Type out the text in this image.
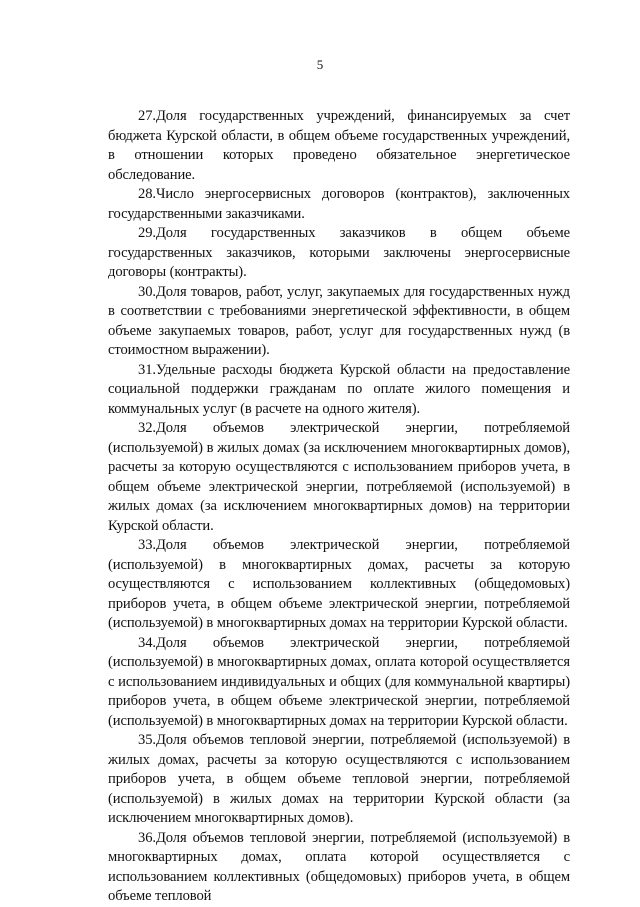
5

27.Доля государственных учреждений, финансируемых за счет бюджета Курской области, в общем объеме государственных учреждений, в отношении которых проведено обязательное энергетическое обследование.

28.Число энергосервисных договоров (контрактов), заключенных государственными заказчиками.

29.Доля государственных заказчиков в общем объеме государственных заказчиков, которыми заключены энергосервисные договоры (контракты).

30.Доля товаров, работ, услуг, закупаемых для государственных нужд в соответствии с требованиями энергетической эффективности, в общем объеме закупаемых товаров, работ, услуг для государственных нужд (в стоимостном выражении).

31.Удельные расходы бюджета Курской области на предоставление социальной поддержки гражданам по оплате жилого помещения и коммунальных услуг (в расчете на одного жителя).

32.Доля объемов электрической энергии, потребляемой (используемой) в жилых домах (за исключением многоквартирных домов), расчеты за которую осуществляются с использованием приборов учета, в общем объеме электрической энергии, потребляемой (используемой) в жилых домах (за исключением многоквартирных домов) на территории Курской области.

33.Доля объемов электрической энергии, потребляемой (используемой) в многоквартирных домах, расчеты за которую осуществляются с использованием коллективных (общедомовых) приборов учета, в общем объеме электрической энергии, потребляемой (используемой) в многоквартирных домах на территории Курской области.

34.Доля объемов электрической энергии, потребляемой (используемой) в многоквартирных домах, оплата которой осуществляется с использованием индивидуальных и общих (для коммунальной квартиры) приборов учета, в общем объеме электрической энергии, потребляемой (используемой) в многоквартирных домах на территории Курской области.

35.Доля объемов тепловой энергии, потребляемой (используемой) в жилых домах, расчеты за которую осуществляются с использованием приборов учета, в общем объеме тепловой энергии, потребляемой (используемой) в жилых домах на территории Курской области (за исключением многоквартирных домов).

36.Доля объемов тепловой энергии, потребляемой (используемой) в многоквартирных домах, оплата которой осуществляется с использованием коллективных (общедомовых) приборов учета, в общем объеме тепловой
